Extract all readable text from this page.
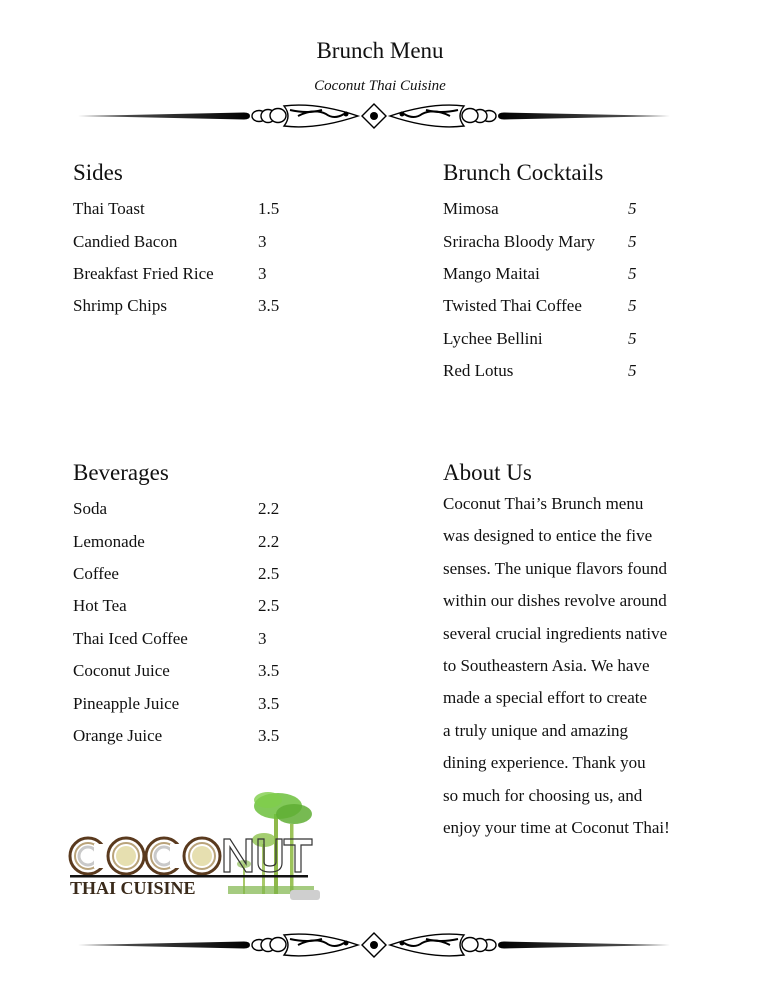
Brunch Menu
Coconut Thai Cuisine
Sides
Thai Toast	1.5
Candied Bacon	3
Breakfast Fried Rice	3
Shrimp Chips	3.5
Brunch Cocktails
Mimosa	5
Sriracha Bloody Mary 5
Mango Maitai	5
Twisted Thai Coffee	5
Lychee Bellini	5
Red Lotus	5
Beverages
Soda	2.2
Lemonade	2.2
Coffee	2.5
Hot Tea	2.5
Thai Iced Coffee	3
Coconut Juice	3.5
Pineapple Juice	3.5
Orange Juice	3.5
About Us
Coconut Thai’s Brunch menu
was designed to entice the five
senses. The unique flavors found
within our dishes revolve around
several crucial ingredients native
to Southeastern Asia. We have
made a special effort to create
a truly unique and amazing
dining experience. Thank you
so much for choosing us, and
enjoy your time at Coconut Thai!
THAI CUISINE
